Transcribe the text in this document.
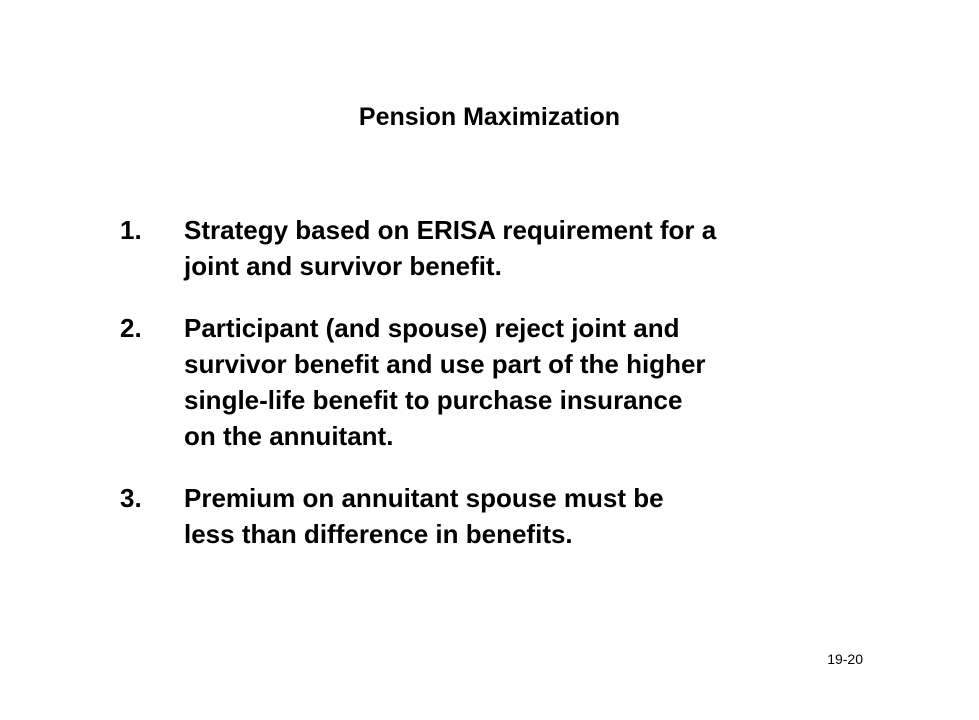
Pension Maximization
1.	Strategy based on ERISA requirement for a
joint and survivor benefit.
2.	Participant (and spouse) reject joint and
survivor benefit and use part of the higher
single-life benefit to purchase insurance
on the annuitant.
3.	Premium on annuitant spouse must be
less than difference in benefits.
19-20
